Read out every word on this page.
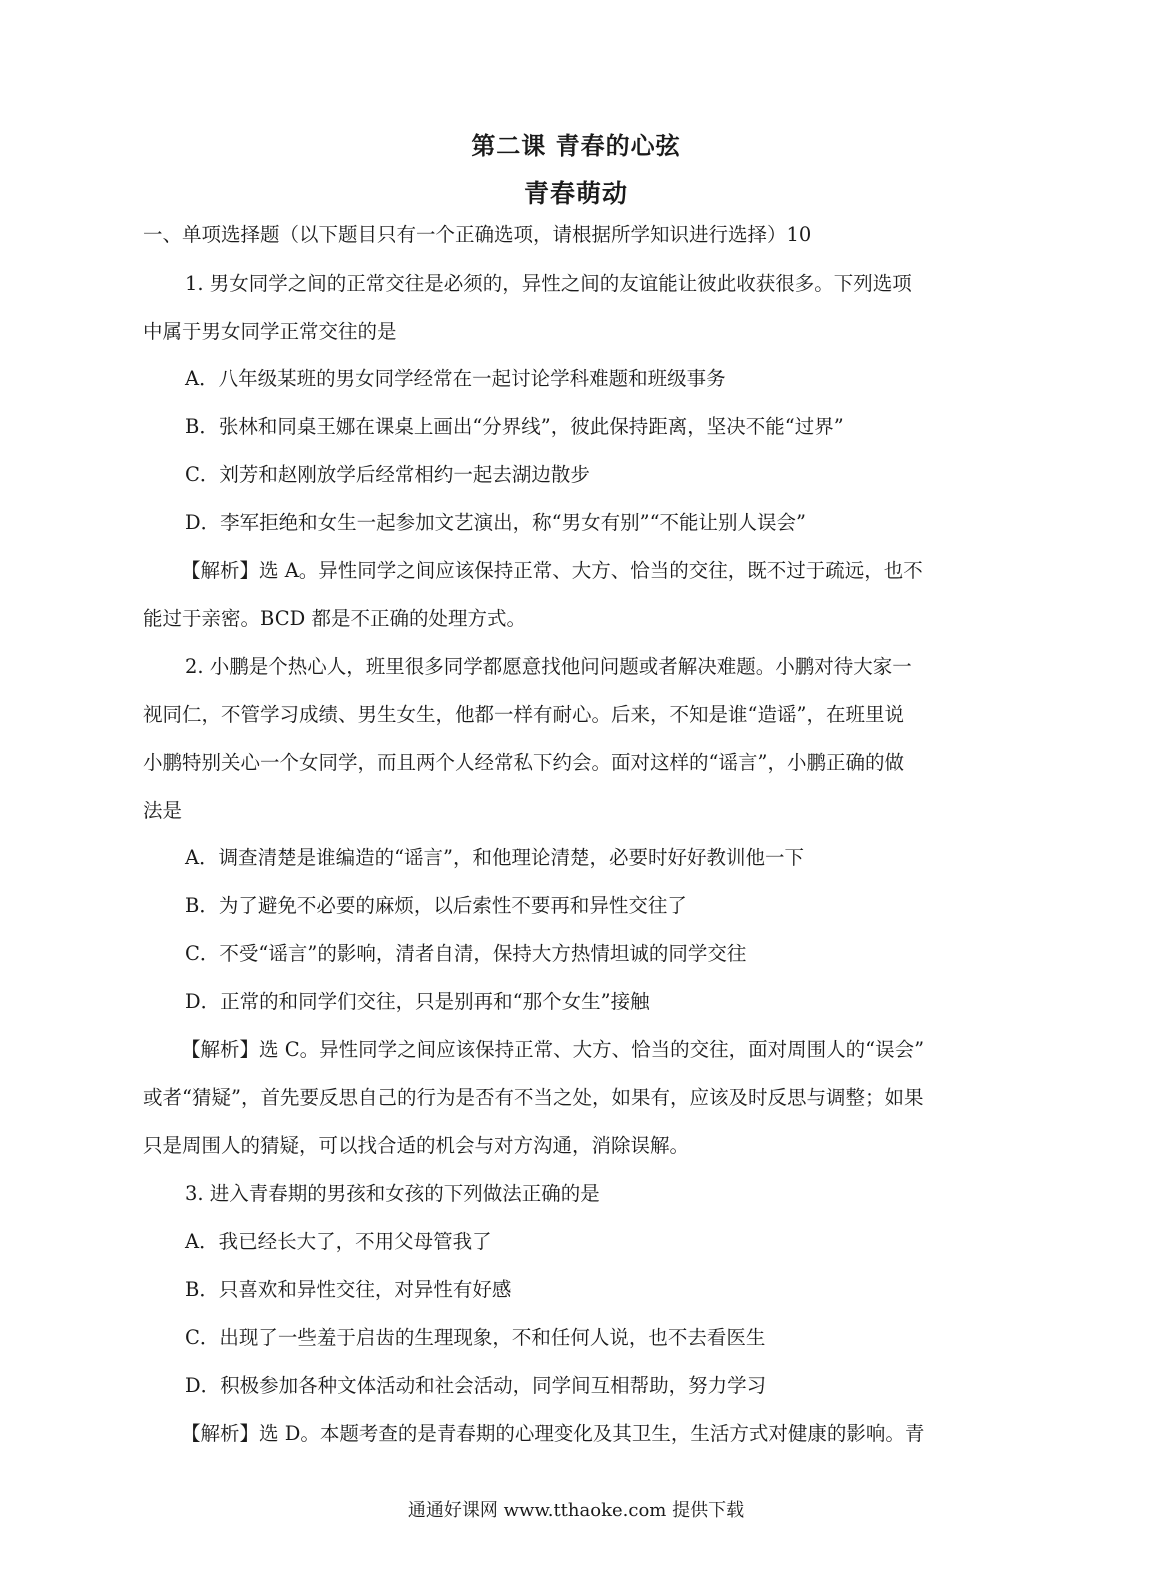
第二课 青春的心弦
青春萌动
一、单项选择题（以下题目只有一个正确选项，请根据所学知识进行选择）10
1. 男女同学之间的正常交往是必须的，异性之间的友谊能让彼此收获很多。下列选项
中属于男女同学正常交往的是
A．八年级某班的男女同学经常在一起讨论学科难题和班级事务
B．张林和同桌王娜在课桌上画出“分界线”，彼此保持距离，坚决不能“过界”
C．刘芳和赵刚放学后经常相约一起去湖边散步
D．李军拒绝和女生一起参加文艺演出，称“男女有别”“不能让别人误会”
【解析】选 A。异性同学之间应该保持正常、大方、恰当的交往，既不过于疏远，也不
能过于亲密。BCD 都是不正确的处理方式。
2. 小鹏是个热心人，班里很多同学都愿意找他问问题或者解决难题。小鹏对待大家一
视同仁，不管学习成绩、男生女生，他都一样有耐心。后来，不知是谁“造谣”，在班里说
小鹏特别关心一个女同学，而且两个人经常私下约会。面对这样的“谣言”，小鹏正确的做
法是
A．调查清楚是谁编造的“谣言”，和他理论清楚，必要时好好教训他一下
B．为了避免不必要的麻烦，以后索性不要再和异性交往了
C．不受“谣言”的影响，清者自清，保持大方热情坦诚的同学交往
D．正常的和同学们交往，只是别再和“那个女生”接触
【解析】选 C。异性同学之间应该保持正常、大方、恰当的交往，面对周围人的“误会”
或者“猜疑”，首先要反思自己的行为是否有不当之处，如果有，应该及时反思与调整；如果
只是周围人的猜疑，可以找合适的机会与对方沟通，消除误解。
3. 进入青春期的男孩和女孩的下列做法正确的是
A．我已经长大了，不用父母管我了
B．只喜欢和异性交往，对异性有好感
C．出现了一些羞于启齿的生理现象，不和任何人说，也不去看医生
D．积极参加各种文体活动和社会活动，同学间互相帮助，努力学习
【解析】选 D。本题考查的是青春期的心理变化及其卫生，生活方式对健康的影响。青
通通好课网 www.tthaoke.com 提供下载
